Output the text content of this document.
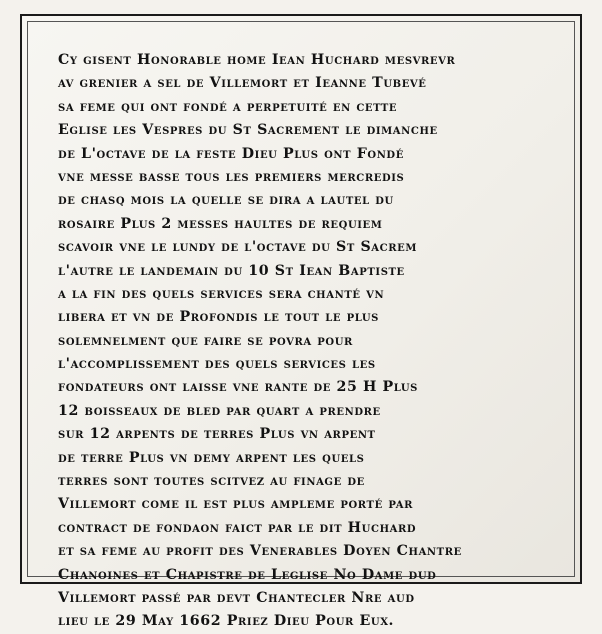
Cy gisent Honorable home Iean Huchard mesvrevr
av grenier a sel de Villemort et Ieanne Tubevé
sa feme qui ont fondé a perpetuité en cette
Eglise les Vespres du St Sacrement le dimanche
de L'octave de la feste Dieu Plus ont Fondé
vne messe basse tous les premiers mercredis
de chasq mois la quelle se dira a lautel du
rosaire Plus 2 messes haultes de requiem
scavoir vne le lundy de l'octave du St Sacrem
l'autre le landemain du 10 St Iean Baptiste
a la fin des quels services sera chanté vn
libera et vn de Profondis le tout le plus
solemnelment que faire se povra pour
l'accomplissement des quels services les
fondateurs ont laisse vne rante de 25 H Plus
12 boisseaux de bled par quart a prendre
sur 12 arpents de terres Plus vn arpent
de terre Plus vn demy arpent les quels
terres sont toutes scitvez au finage de
Villemort come il est plus ampleme porté par
contract de fondaon faict par le dit Huchard
et sa feme au profit des Venerables Doyen Chantre
Chanoines et Chapistre de Leglise No Dame dud
Villemort passé par devt Chantecler Nre aud
lieu le 29 May 1662 Priez Dieu Pour Eux.
